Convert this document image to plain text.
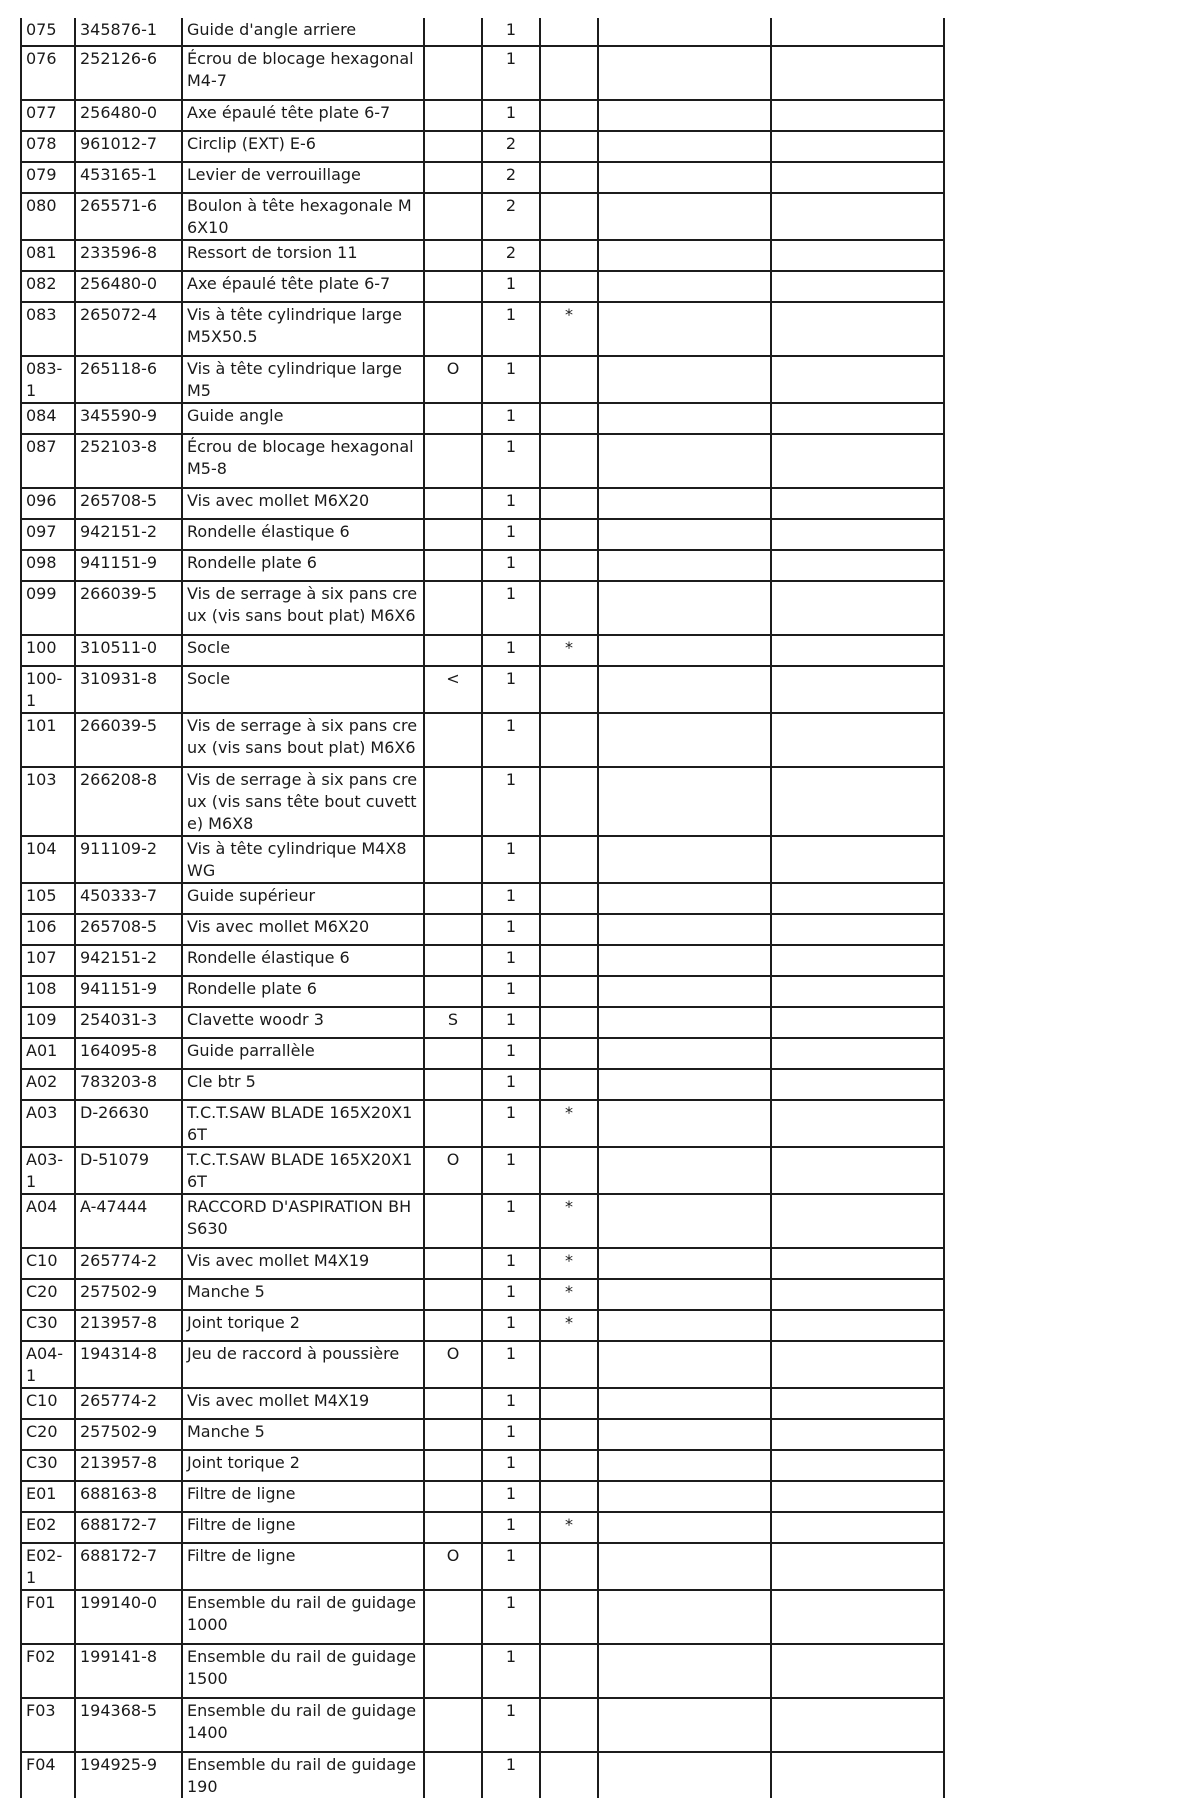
075	345876-1	Guide d'angle arriere		1			
076	252126-6	Écrou de blocage hexagonal M4-7		1			
077	256480-0	Axe épaulé tête plate 6-7		1			
078	961012-7	Circlip (EXT) E-6		2			
079	453165-1	Levier de verrouillage		2			
080	265571-6	Boulon à tête hexagonale M6X10		2			
081	233596-8	Ressort de torsion 11		2			
082	256480-0	Axe épaulé tête plate 6-7		1			
083	265072-4	Vis à tête cylindrique large M5X50.5		1	*		
083-1	265118-6	Vis à tête cylindrique large M5	O	1			
084	345590-9	Guide angle		1			
087	252103-8	Écrou de blocage hexagonal M5-8		1			
096	265708-5	Vis avec mollet M6X20		1			
097	942151-2	Rondelle élastique 6		1			
098	941151-9	Rondelle plate 6		1			
099	266039-5	Vis de serrage à six pans creux (vis sans bout plat) M6X6		1			
100	310511-0	Socle		1	*		
100-1	310931-8	Socle	<	1			
101	266039-5	Vis de serrage à six pans creux (vis sans bout plat) M6X6		1			
103	266208-8	Vis de serrage à six pans creux (vis sans tête bout cuvette) M6X8		1			
104	911109-2	Vis à tête cylindrique M4X8 WG		1			
105	450333-7	Guide supérieur		1			
106	265708-5	Vis avec mollet M6X20		1			
107	942151-2	Rondelle élastique 6		1			
108	941151-9	Rondelle plate 6		1			
109	254031-3	Clavette woodr 3	S	1			
A01	164095-8	Guide parrallèle		1			
A02	783203-8	Cle btr 5		1			
A03	D-26630	T.C.T.SAW BLADE 165X20X16T		1	*		
A03-1	D-51079	T.C.T.SAW BLADE 165X20X16T	O	1			
A04	A-47444	RACCORD D'ASPIRATION BHS630		1	*		
C10	265774-2	Vis avec mollet M4X19		1	*		
C20	257502-9	Manche 5		1	*		
C30	213957-8	Joint torique 2		1	*		
A04-1	194314-8	Jeu de raccord à poussière	O	1			
C10	265774-2	Vis avec mollet M4X19		1			
C20	257502-9	Manche 5		1			
C30	213957-8	Joint torique 2		1			
E01	688163-8	Filtre de ligne		1			
E02	688172-7	Filtre de ligne		1	*		
E02-1	688172-7	Filtre de ligne	O	1			
F01	199140-0	Ensemble du rail de guidage 1000		1			
F02	199141-8	Ensemble du rail de guidage 1500		1			
F03	194368-5	Ensemble du rail de guidage 1400		1			
F04	194925-9	Ensemble du rail de guidage 190		1			
